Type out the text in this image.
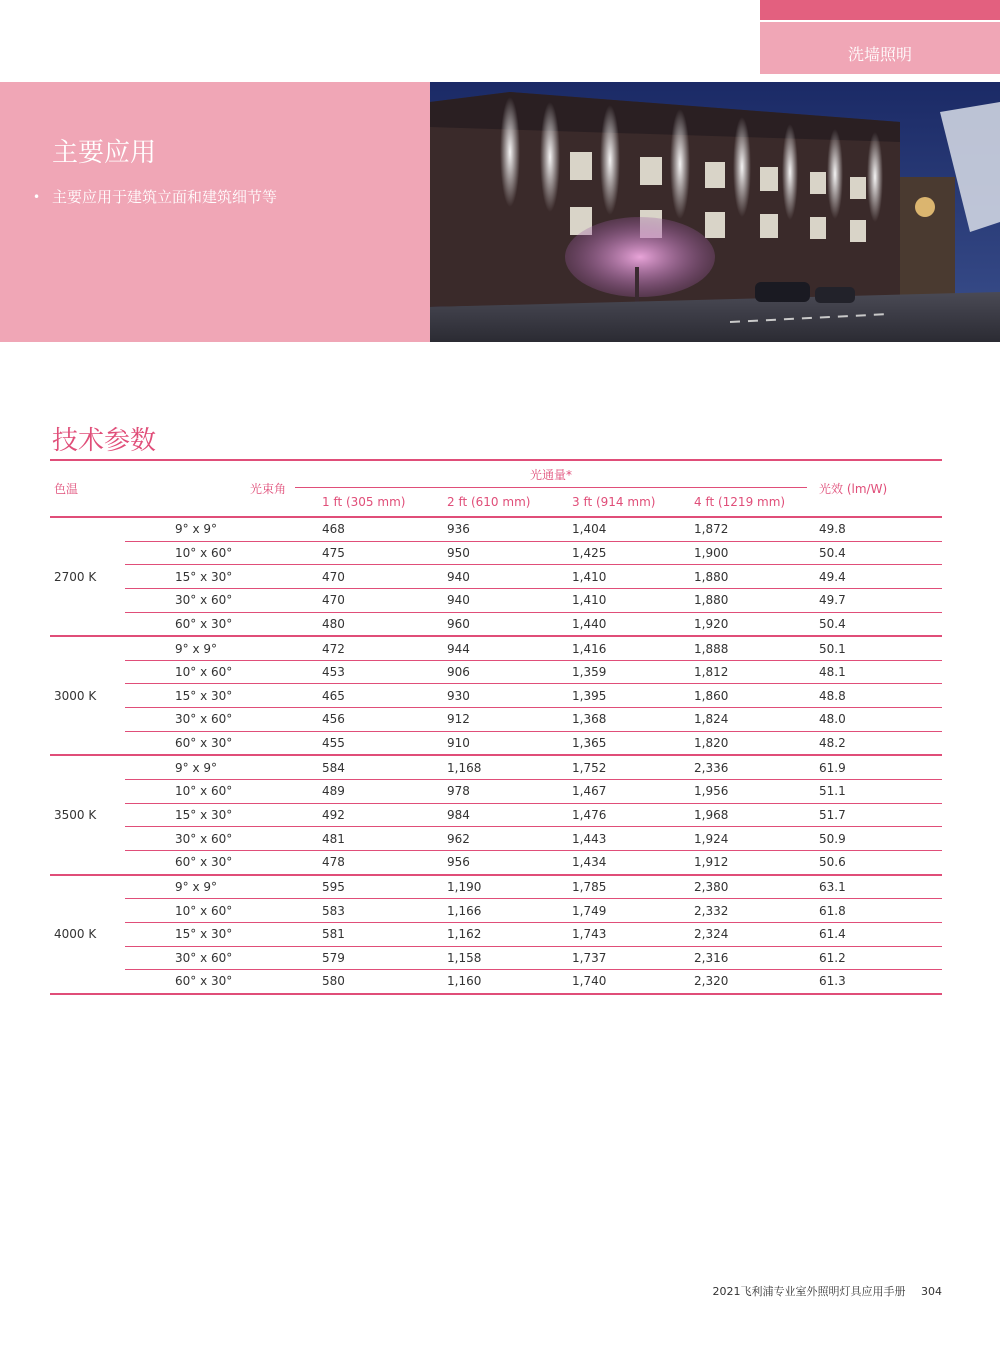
洗墙照明
主要应用
• 主要应用于建筑立面和建筑细节等
技术参数
色温	光束角	光通量*				光效 (lm/W)
		1 ft (305 mm)	2 ft (610 mm)	3 ft (914 mm)	4 ft (1219 mm)	
2700 K	9° x 9°	468	936	1,404	1,872	49.8
	10° x 60°	475	950	1,425	1,900	50.4
	15° x 30°	470	940	1,410	1,880	49.4
	30° x 60°	470	940	1,410	1,880	49.7
	60° x 30°	480	960	1,440	1,920	50.4
3000 K	9° x 9°	472	944	1,416	1,888	50.1
	10° x 60°	453	906	1,359	1,812	48.1
	15° x 30°	465	930	1,395	1,860	48.8
	30° x 60°	456	912	1,368	1,824	48.0
	60° x 30°	455	910	1,365	1,820	48.2
3500 K	9° x 9°	584	1,168	1,752	2,336	61.9
	10° x 60°	489	978	1,467	1,956	51.1
	15° x 30°	492	984	1,476	1,968	51.7
	30° x 60°	481	962	1,443	1,924	50.9
	60° x 30°	478	956	1,434	1,912	50.6
4000 K	9° x 9°	595	1,190	1,785	2,380	63.1
	10° x 60°	583	1,166	1,749	2,332	61.8
	15° x 30°	581	1,162	1,743	2,324	61.4
	30° x 60°	579	1,158	1,737	2,316	61.2
	60° x 30°	580	1,160	1,740	2,320	61.3
2021飞利浦专业室外照明灯具应用手册 304
